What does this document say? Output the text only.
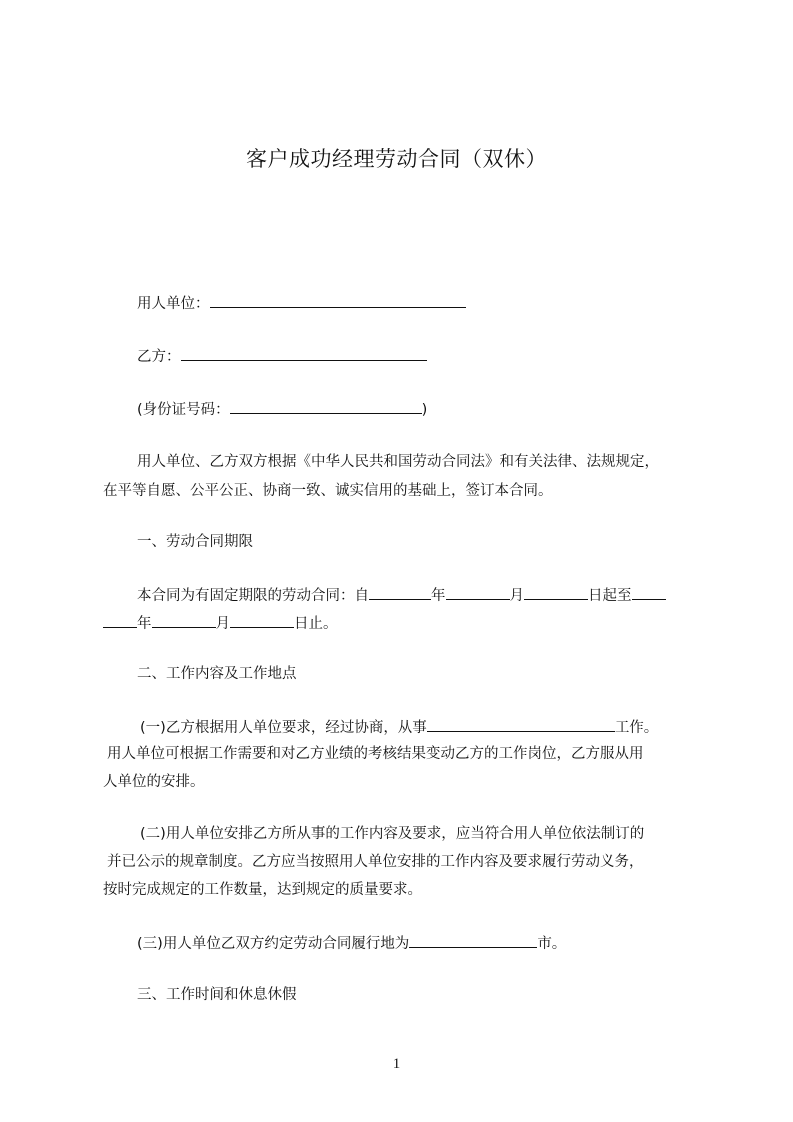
客户成功经理劳动合同（双休）
用人单位：
乙方：
(身份证号码：	)
用人单位、乙方双方根据《中华人民共和国劳动合同法》和有关法律、法规规定，
在平等自愿、公平公正、协商一致、诚实信用的基础上，签订本合同。
一、劳动合同期限
本合同为有固定期限的劳动合同：自	年	月	日起至
年	月	日止。
二、工作内容及工作地点
(一)乙方根据用人单位要求，经过协商，从事	工作。
用人单位可根据工作需要和对乙方业绩的考核结果变动乙方的工作岗位，乙方服从用
人单位的安排。
(二)用人单位安排乙方所从事的工作内容及要求，应当符合用人单位依法制订的
并已公示的规章制度。乙方应当按照用人单位安排的工作内容及要求履行劳动义务，
按时完成规定的工作数量，达到规定的质量要求。
(三)用人单位乙双方约定劳动合同履行地为	市。
三、工作时间和休息休假
1
